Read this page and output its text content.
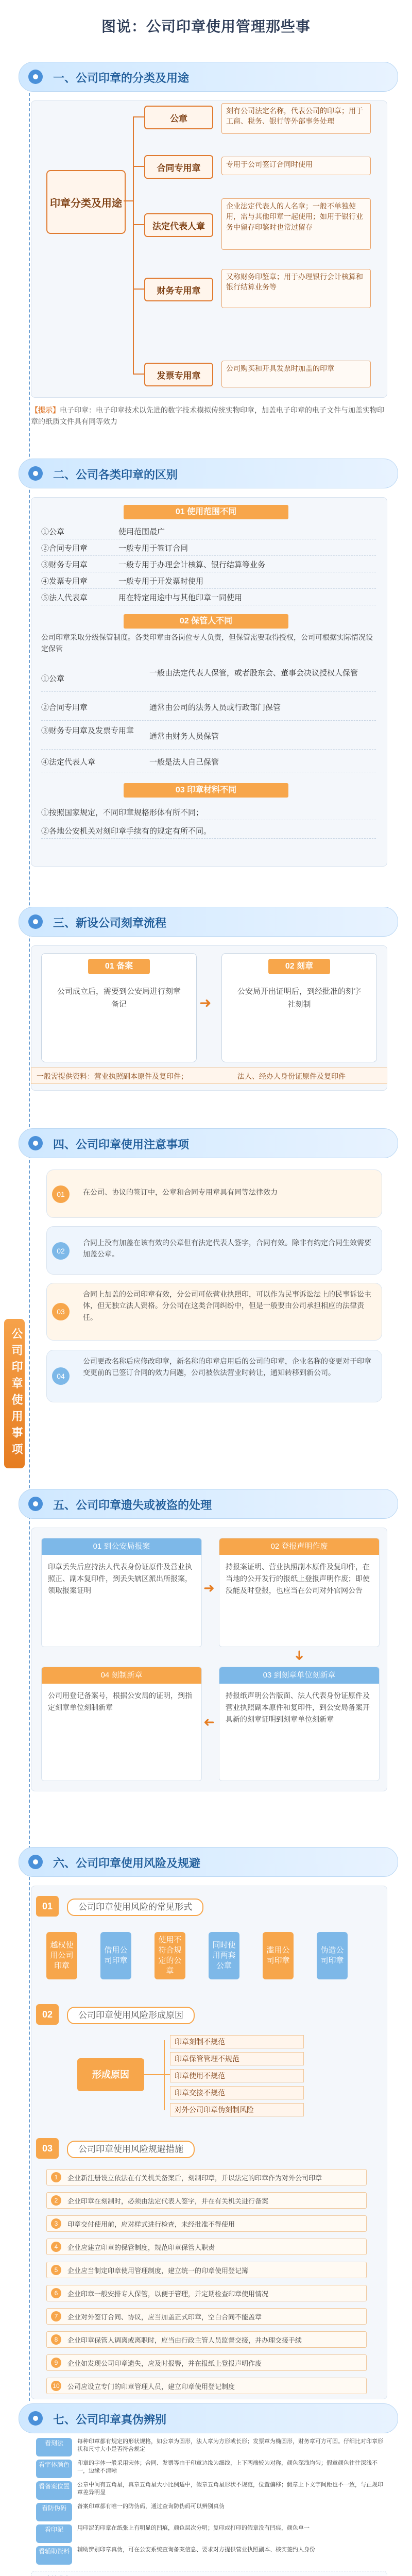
图说：公司印章使用管理那些事
一、公司印章的分类及用途
印章分类及用途
公章
刻有公司法定名称，代表公司的印章；用于工商、税务、银行等外部事务处理
合同专用章	专用于公司签订合同时使用
法定代表人章
企业法定代表人的人名章；一般不单独使用，需与其他印章一起使用；如用于银行业务中留存印鉴时也常过留存
财务专用章
又称财务印鉴章；用于办理银行会计核算和银行结算业务等
发票专用章
公司购买和开具发票时加盖的印章
【提示】电子印章：电子印章技术以先进的数字技术模拟传统实物印章，加盖电子印章的电子文件与加盖实物印章的纸质文件具有同等效力
二、公司各类印章的区别
01 使用范围不同
①公章	使用范围最广
②合同专用章	一般专用于签订合同
③财务专用章	一般专用于办理会计核算、银行结算等业务
④发票专用章	一般专用于开发票时使用
⑤法人代表章	用在特定用途中与其他印章一同使用
02 保管人不同
公司印章采取分级保管制度。各类印章由各岗位专人负责，但保管需要取得授权，公司可根据实际情况设定保管
①公章
一般由法定代表人保管，或者股东会、董事会决议授权人保管
②合同专用章	通常由公司的法务人员或行政部门保管
③财务专用章及发票专用章
通常由财务人员保管
④法定代表人章	一般是法人自己保管
03 印章材料不同
①按照国家规定，不同印章规格形体有所不同；
②各地公安机关对刻印章手续有的规定有所不同。
三、新设公司刻章流程
01 备案
公司成立后，需要到公安局进行刻章备记	➜
02 刻章
公安局开出证明后，到经批准的刻字社刻制
一般需提供资料：营业执照副本原件及复印件；	法人、经办人身份证原件及复印件
四、公司印章使用注意事项
公司印章使用事项
01	在公司、协议的签订中，公章和合同专用章具有同等法律效力
02
合同上没有加盖在该有效的公章但有法定代表人签字，合同有效。除非有约定合同生效需要加盖公章。
03
合同上加盖的公司印章有效，分公司可依营业执照印，可以作为民事诉讼法上的民事诉讼主体，但无独立法人资格。分公司在这类合同纠纷中，但是一般要由公司承担相应的法律责任。
04
公司更改名称后应修改印章，新名称的印章启用后的公司的印章，企业名称的变更对于印章变更前的已签订合同的效力问题，公司被依法营业时转让，通知转移到新公司。
五、公司印章遗失或被盗的处理
01 到公安局报案
印章丢失后应持法人代表身份证原件及营业执照正、副本复印件，到丢失辖区派出所报案，领取报案证明	➜
02 登报声明作废
持报案证明、营业执照副本原件及复印件，在当地的公开发行的报纸上登报声明作废；即使没能及时登报，也应当在公司对外官网公告
➜
03 到刻章单位刻新章
持报纸声明公告版面、法人代表身份证原件及营业执照副本原件和复印件，到公安局备案开具新的刻章证明到刻章单位刻新章
➜
04 刻制新章
公司用登记备案号，根据公安局的证明，到指定刻章单位刻制新章
六、公司印章使用风险及规避
01	公司印章使用风险的常见形式
越权使用公司印章
借用公司印章
使用不符合规定的公章
同时使用两套公章
滥用公司印章
伪造公司印章
02	公司印章使用风险形成原因
形成原因
印章刻制不规范
印章保管管理不规范
印章使用不规范
印章交接不规范
对外公司印章伪刻制风险
03	公司印章使用风险规避措施
1	企业新注册设立依法在有关机关备案后，刻制印章，并以法定的印章作为对外公司印章
2	企业印章在刻制时，必须由法定代表人签字，并在有关机关进行备案
3	印章交付使用前，应对样式进行检查，未经批准不得使用
4	企业应建立印章的保管制度，规范印章保管人职责
5	企业应当制定印章使用管理制度，建立统一的印章使用登记簿
6	企业印章一般安排专人保管，以便于管理，并定期检查印章使用情况
7	企业对外签订合同、协议，应当加盖正式印章，空白合同不能盖章
8	企业印章保管人调离或离职时，应当由行政主管人员监督交接，并办理交接手续
9	企业如发现公司印章遗失，应及时报警，并在报纸上登报声明作废
10 公司应设立专门的印章管理人员，建立印章使用登记制度
七、公司印章真伪辨别
看刻法	每种印章都有规定的形状规格，如公章为圆形，法人章为方形或长形；发票章为椭圆形，财务章可方可圆。仔细比对印章形状和尺寸大小是否符合规定
看字体颜色	印章的字体一般采用宋体；合同、发票等由于印章边缘为细线，上下两端较为对称，颜色深浅均匀；假章颜色往往深浅不一，边缘不清晰
看备案位置	公章中间有五角星，真章五角星大小比例适中，假章五角星形状不规范，位置偏移；假章上下文字间距也不一致，与正规印章差异明显
看防伪码	备案印章都有唯一的防伪码，通过查询防伪码可以辨别真伪
看印泥	用印泥的印章在纸张上有明显的凹痕，颜色层次分明；复印或打印的假章没有凹痕，颜色单一
看辅助资料	辅助辨别印章真伪，可在公安系统查询备案信息、要求对方提供营业执照副本、核实签约人身份
